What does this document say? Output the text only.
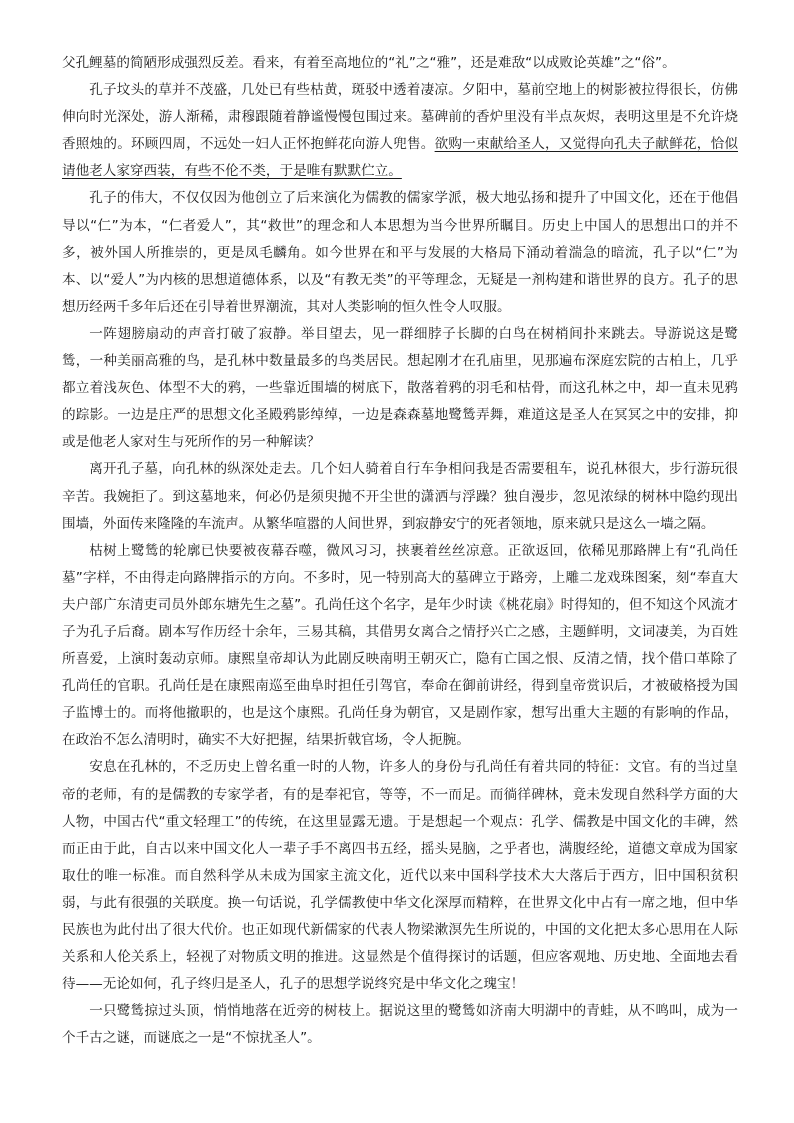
父孔鲤墓的简陋形成强烈反差。看来，有着至高地位的“礼”之“雅”，还是难敌“以成败论英雄”之“俗”。

孔子坟头的草并不茂盛，几处已有些枯黄，斑驳中透着凄凉。夕阳中，墓前空地上的树影被拉得很长，仿佛伸向时光深处，游人渐稀，肃穆跟随着静谧慢慢包围过来。墓碑前的香炉里没有半点灰烬，表明这里是不允许烧香照烛的。环顾四周，不远处一妇人正怀抱鲜花向游人兜售。欲购一束献给圣人，又觉得向孔夫子献鲜花，恰似请他老人家穿西装，有些不伦不类，于是唯有默默伫立。

孔子的伟大，不仅仅因为他创立了后来演化为儒教的儒家学派，极大地弘扬和提升了中国文化，还在于他倡导以“仁”为本，“仁者爱人”，其“救世”的理念和人本思想为当今世界所瞩目。历史上中国人的思想出口的并不多，被外国人所推崇的，更是凤毛麟角。如今世界在和平与发展的大格局下涌动着湍急的暗流，孔子以“仁”为本、以“爱人”为内核的思想道德体系，以及“有教无类”的平等理念，无疑是一剂构建和谐世界的良方。孔子的思想历经两千多年后还在引导着世界潮流，其对人类影响的恒久性令人叹服。

一阵翅膀扇动的声音打破了寂静。举目望去，见一群细脖子长脚的白鸟在树梢间扑来跳去。导游说这是鹭鸶，一种美丽高雅的鸟，是孔林中数量最多的鸟类居民。想起刚才在孔庙里，见那遍布深庭宏院的古柏上，几乎都立着浅灰色、体型不大的鸦，一些靠近围墙的树底下，散落着鸦的羽毛和枯骨，而这孔林之中，却一直未见鸦的踪影。一边是庄严的思想文化圣殿鸦影绰绰，一边是森森墓地鹭鸶弄舞，难道这是圣人在冥冥之中的安排，抑或是他老人家对生与死所作的另一种解读？

离开孔子墓，向孔林的纵深处走去。几个妇人骑着自行车争相问我是否需要租车，说孔林很大，步行游玩很辛苦。我婉拒了。到这墓地来，何必仍是须臾抛不开尘世的潇洒与浮躁？独自漫步，忽见浓绿的树林中隐约现出围墙，外面传来隆隆的车流声。从繁华喧嚣的人间世界，到寂静安宁的死者领地，原来就只是这么一墙之隔。

枯树上鹭鸶的轮廓已快要被夜幕吞噬，微风习习，挟裹着丝丝凉意。正欲返回，依稀见那路牌上有“孔尚任墓”字样，不由得走向路牌指示的方向。不多时，见一特别高大的墓碑立于路旁，上雕二龙戏珠图案，刻“奉直大夫户部广东清吏司员外郎东塘先生之墓”。孔尚任这个名字，是年少时读《桃花扇》时得知的，但不知这个风流才子为孔子后裔。剧本写作历经十余年，三易其稿，其借男女离合之情抒兴亡之感，主题鲜明，文词凄美，为百姓所喜爱，上演时轰动京师。康熙皇帝却认为此剧反映南明王朝灭亡，隐有亡国之恨、反清之情，找个借口革除了孔尚任的官职。孔尚任是在康熙南巡至曲阜时担任引驾官，奉命在御前讲经，得到皇帝赏识后，才被破格授为国子监博士的。而将他撤职的，也是这个康熙。孔尚任身为朝官，又是剧作家，想写出重大主题的有影响的作品，在政治不怎么清明时，确实不大好把握，结果折戟官场，令人扼腕。

安息在孔林的，不乏历史上曾名重一时的人物，许多人的身份与孔尚任有着共同的特征：文官。有的当过皇帝的老师，有的是儒教的专家学者，有的是奉祀官，等等，不一而足。而徜徉碑林，竟未发现自然科学方面的大人物，中国古代“重文轻理工”的传统，在这里显露无遗。于是想起一个观点：孔学、儒教是中国文化的丰碑，然而正由于此，自古以来中国文化人一辈子手不离四书五经，摇头晃脑，之乎者也，满腹经纶，道德文章成为国家取仕的唯一标准。而自然科学从未成为国家主流文化，近代以来中国科学技术大大落后于西方，旧中国积贫积弱，与此有很强的关联度。换一句话说，孔学儒教使中华文化深厚而精粹，在世界文化中占有一席之地，但中华民族也为此付出了很大代价。也正如现代新儒家的代表人物梁漱溟先生所说的，中国的文化把太多心思用在人际关系和人伦关系上，轻视了对物质文明的推进。这显然是个值得探讨的话题，但应客观地、历史地、全面地去看待——无论如何，孔子终归是圣人，孔子的思想学说终究是中华文化之瑰宝！

一只鹭鸶掠过头顶，悄悄地落在近旁的树枝上。据说这里的鹭鸶如济南大明湖中的青蛙，从不鸣叫，成为一个千古之谜，而谜底之一是“不惊扰圣人”。
